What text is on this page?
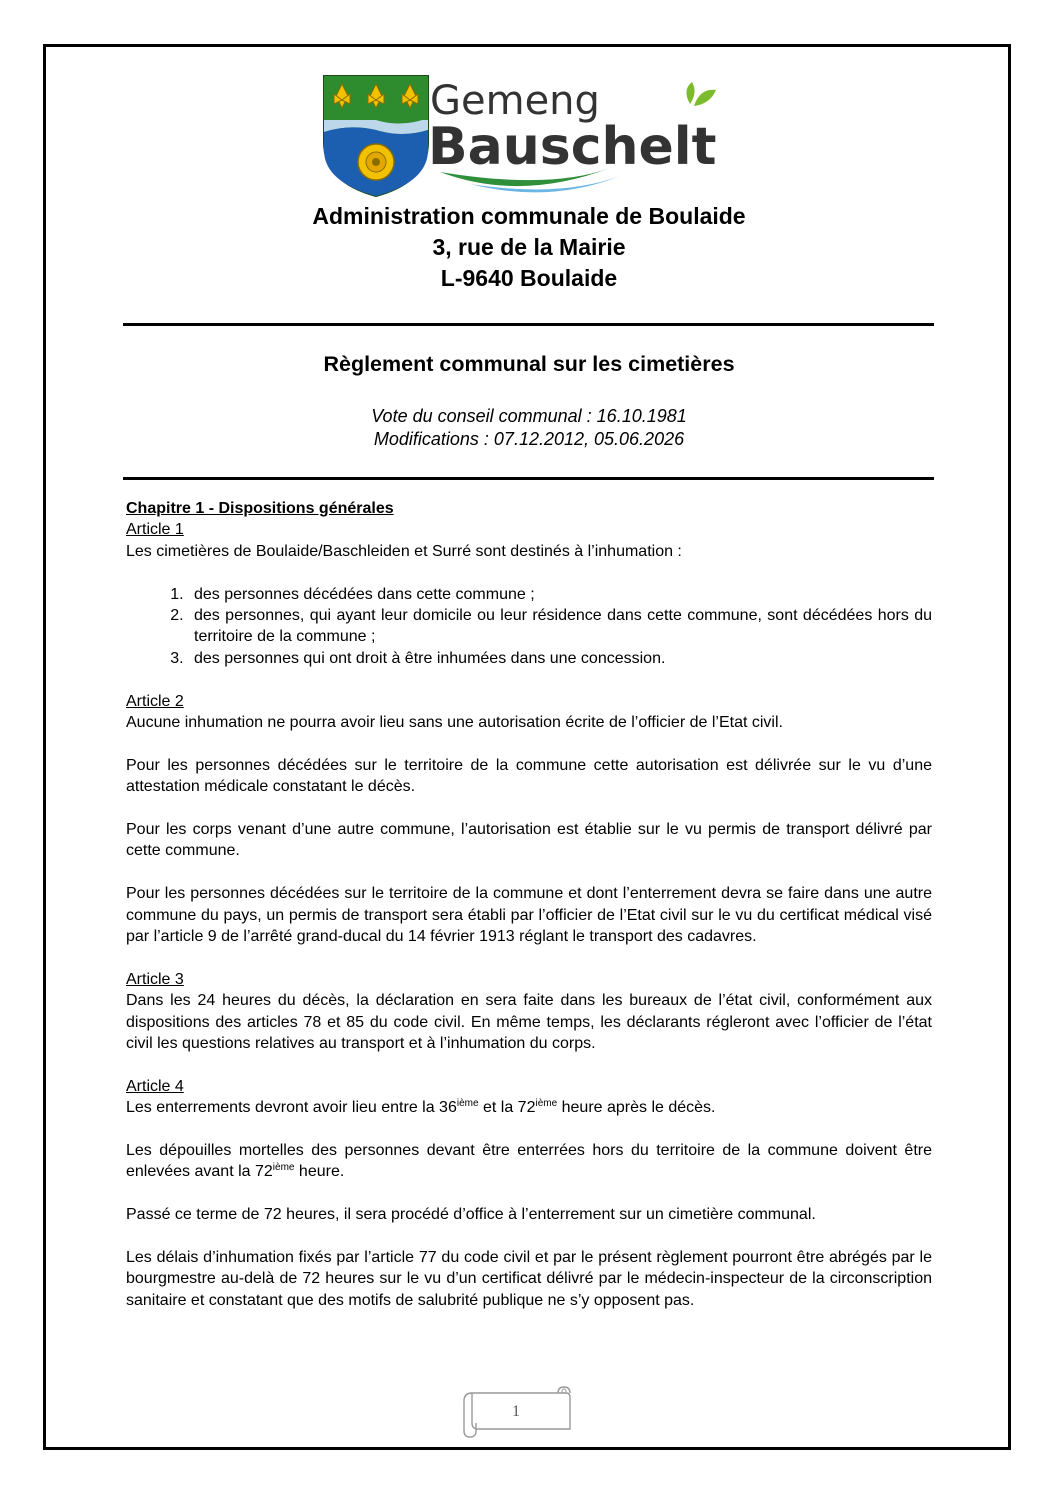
Gemeng
Bauschelt
Administration communale de Boulaide
3, rue de la Mairie
L-9640 Boulaide
Règlement communal sur les cimetières
Vote du conseil communal : 16.10.1981
Modifications : 07.12.2012, 05.06.2026

Chapitre 1 - Dispositions générales

Article 1

Les cimetières de Boulaide/Baschleiden et Surré sont destinés à l’inhumation :

1. des personnes décédées dans cette commune ;
2. des personnes, qui ayant leur domicile ou leur résidence dans cette commune, sont décédées hors du territoire de la commune ;
3. des personnes qui ont droit à être inhumées dans une concession.

Article 2

Aucune inhumation ne pourra avoir lieu sans une autorisation écrite de l’officier de l’Etat civil.

Pour les personnes décédées sur le territoire de la commune cette autorisation est délivrée sur le vu d’une attestation médicale constatant le décès.

Pour les corps venant d’une autre commune, l’autorisation est établie sur le vu permis de transport délivré par cette commune.

Pour les personnes décédées sur le territoire de la commune et dont l’enterrement devra se faire dans une autre commune du pays, un permis de transport sera établi par l’officier de l’Etat civil sur le vu du certificat médical visé par l’article 9 de l’arrêté grand-ducal du 14 février 1913 réglant le transport des cadavres.

Article 3

Dans les 24 heures du décès, la déclaration en sera faite dans les bureaux de l’état civil, conformément aux dispositions des articles 78 et 85 du code civil. En même temps, les déclarants régleront avec l’officier de l’état civil les questions relatives au transport et à l’inhumation du corps.

Article 4

Les enterrements devront avoir lieu entre la 36ième et la 72ième heure après le décès.

Les dépouilles mortelles des personnes devant être enterrées hors du territoire de la commune doivent être enlevées avant la 72ième heure.

Passé ce terme de 72 heures, il sera procédé d’office à l’enterrement sur un cimetière communal.

Les délais d’inhumation fixés par l’article 77 du code civil et par le présent règlement pourront être abrégés par le bourgmestre au-delà de 72 heures sur le vu d’un certificat délivré par le médecin-inspecteur de la circonscription sanitaire et constatant que des motifs de salubrité publique ne s’y opposent pas.

1
